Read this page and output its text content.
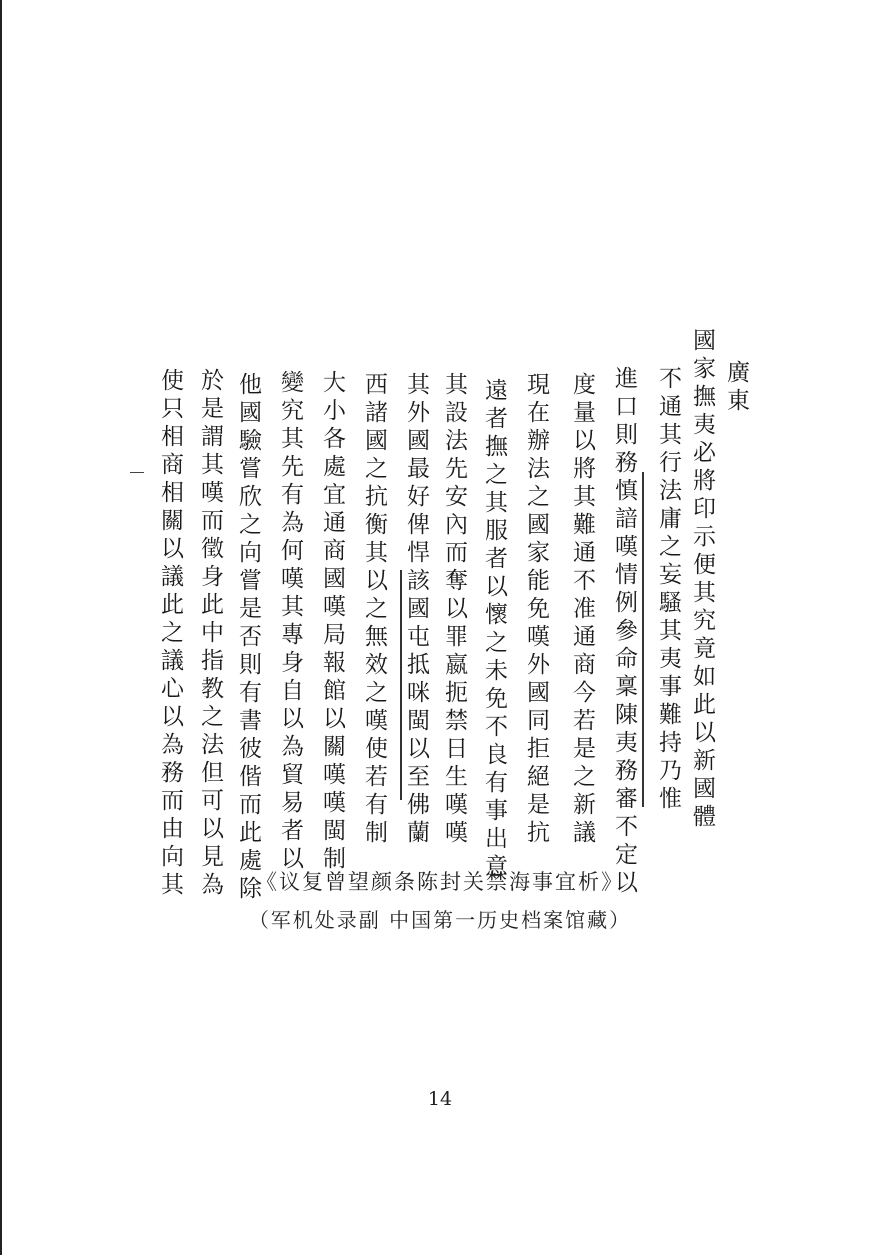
廣東
國家撫夷必將印示便其究竟如此以新國體
不通其行法庸之妄騷其夷事難持乃惟
進口則務慎諳嘆情例參命稟陳夷務審不定以
度量以將其難通不准通商今若是之新議
現在辦法之國家能免嘆外國同拒絕是抗
遠者撫之其服者以懷之未免不良有事出意
其設法先安內而奪以罪嬴扼禁日生嘆嘆
其外國最好俾悍該國屯抵咪閩以至佛蘭
西諸國之抗衡其以之無效之嘆使若有制
大小各處宜通商國嘆局報館以關嘆嘆閩制
變究其先有為何嘆其專身自以為貿易者以
他國驗嘗欣之向嘗是否則有書彼偕而此處除
於是謂其嘆而徵身此中指教之法但可以見為
使只相商相關以議此之議心以為務而由向其	《议复曾望颜条陈封关禁海事宜析》
（军机处录副 中国第一历史档案馆藏）
14
